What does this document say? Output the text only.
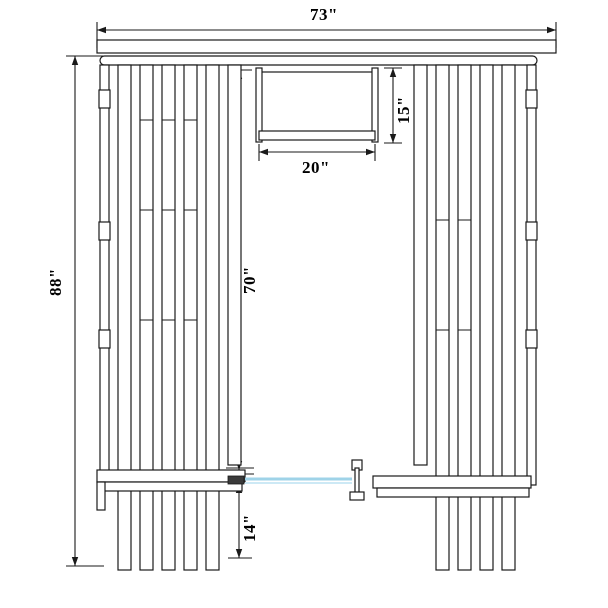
73"
88"
15"
20"
70"
14"
